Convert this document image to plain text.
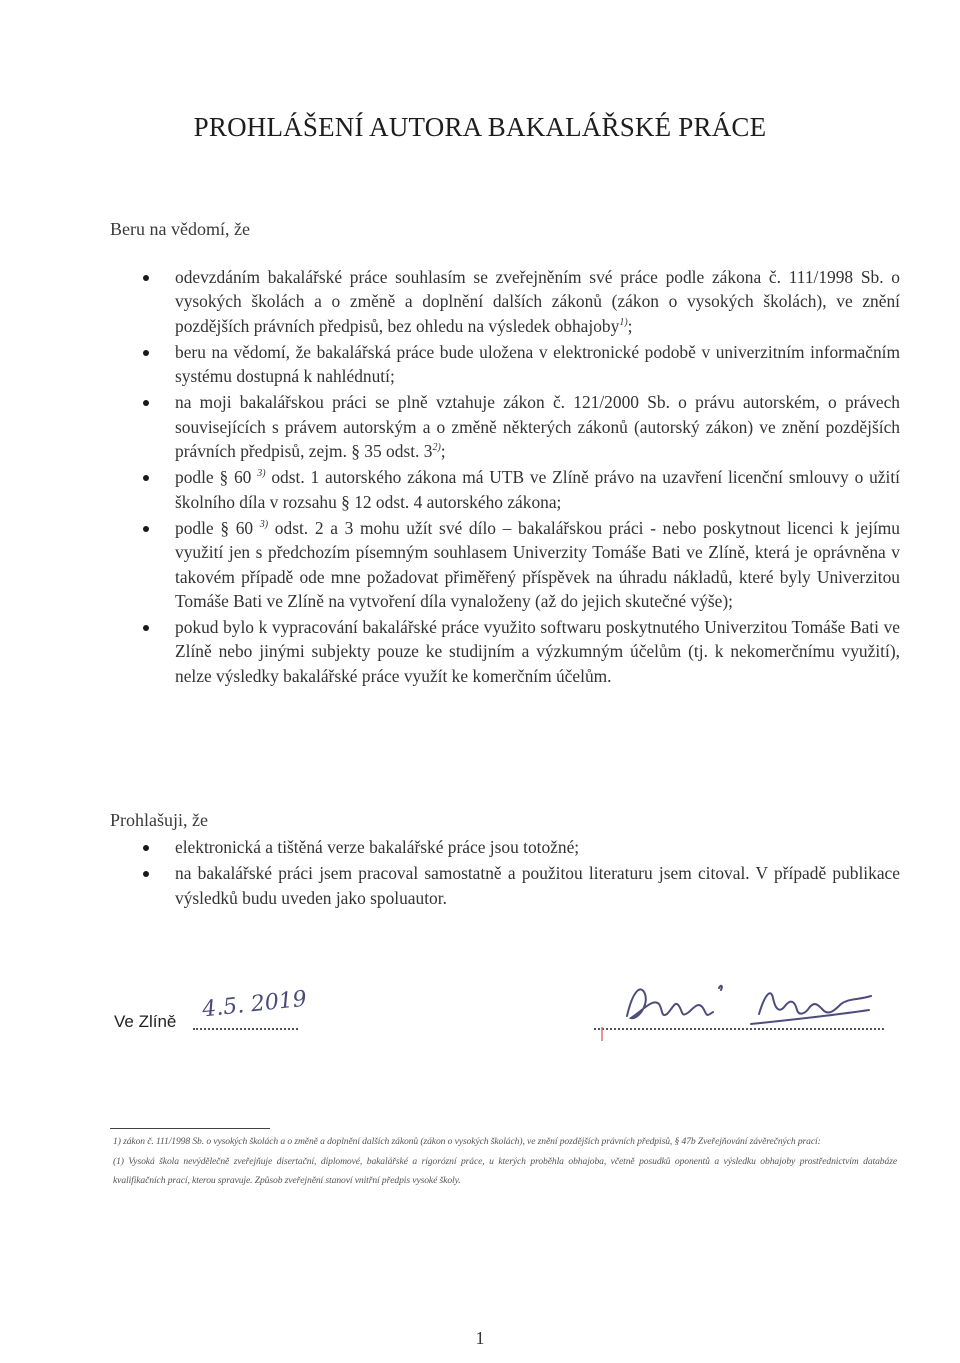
PROHLÁŠENÍ AUTORA BAKALÁŘSKÉ PRÁCE
Beru na vědomí, že
odevzdáním bakalářské práce souhlasím se zveřejněním své práce podle zákona č. 111/1998 Sb. o vysokých školách a o změně a doplnění dalších zákonů (zákon o vysokých školách), ve znění pozdějších právních předpisů, bez ohledu na výsledek obhajoby$^{1)}$;
beru na vědomí, že bakalářská práce bude uložena v elektronické podobě v univerzitním informačním systému dostupná k nahlédnutí;
na moji bakalářskou práci se plně vztahuje zákon č. 121/2000 Sb. o právu autorském, o právech souvisejících s právem autorským a o změně některých zákonů (autorský zákon) ve znění pozdějších právních předpisů, zejm. § 35 odst. 3$^{2)}$;
podle § 60 $^{3)}$ odst. 1 autorského zákona má UTB ve Zlíně právo na uzavření licenční smlouvy o užití školního díla v rozsahu § 12 odst. 4 autorského zákona;
podle § 60 $^{3)}$ odst. 2 a 3 mohu užít své dílo – bakalářskou práci - nebo poskytnout licenci k jejímu využití jen s předchozím písemným souhlasem Univerzity Tomáše Bati ve Zlíně, která je oprávněna v takovém případě ode mne požadovat přiměřený příspěvek na úhradu nákladů, které byly Univerzitou Tomáše Bati ve Zlíně na vytvoření díla vynaloženy (až do jejich skutečné výše);
pokud bylo k vypracování bakalářské práce využito softwaru poskytnutého Univerzitou Tomáše Bati ve Zlíně nebo jinými subjekty pouze ke studijním a výzkumným účelům (tj. k nekomerčnímu využití), nelze výsledky bakalářské práce využít ke komerčním účelům.
Prohlašuji, že
elektronická a tištěná verze bakalářské práce jsou totožné;
na bakalářské práci jsem pracoval samostatně a použitou literaturu jsem citoval. V případě publikace výsledků budu uveden jako spoluautor.
Ve Zlíně 4.5. 2019

1) zákon č. 111/1998 Sb. o vysokých školách a o změně a doplnění dalších zákonů (zákon o vysokých školách), ve znění pozdějších právních předpisů, § 47b Zveřejňování závěrečných prací:

(1) Vysoká škola nevýdělečně zveřejňuje disertační, diplomové, bakalářské a rigorózní práce, u kterých proběhla obhajoba, včetně posudků oponentů a výsledku obhajoby prostřednictvím databáze kvalifikačních prací, kterou spravuje. Způsob zveřejnění stanoví vnitřní předpis vysoké školy.

1
